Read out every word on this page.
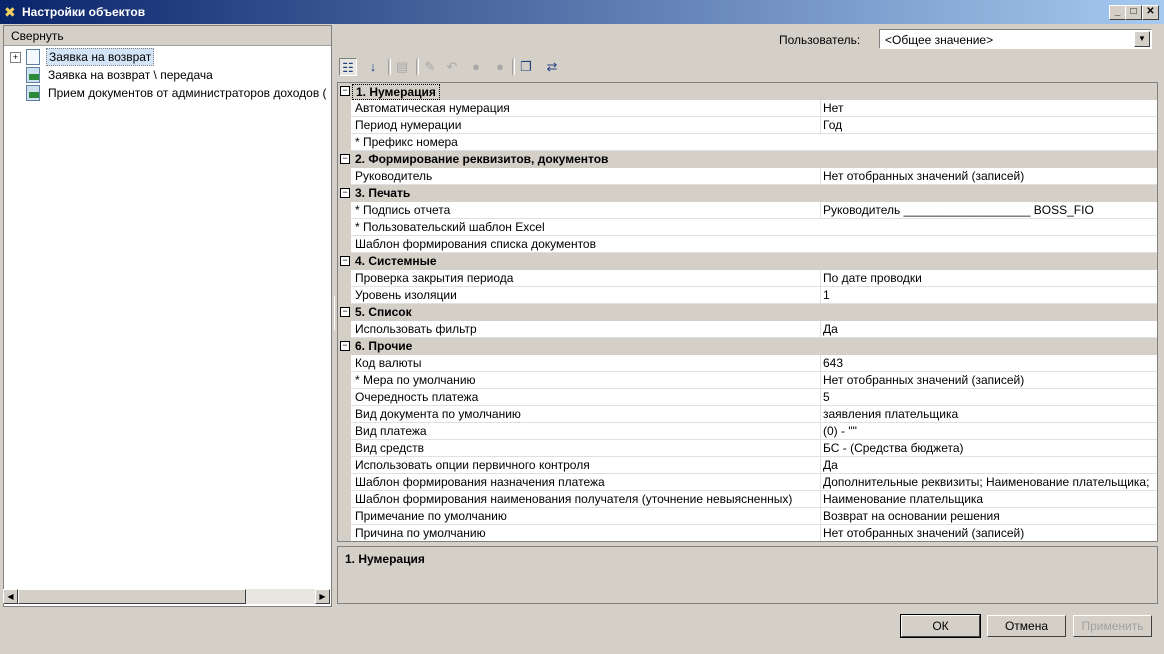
✖ Настройки объектов	_	□ ✕
Свернуть
+	Заявка на возврат
Заявка на возврат \ передача
Прием документов от администраторов доходов (
◀	▶
Пользователь: <Общее значение>	▼
☷	↓	▤ ✎ ↶	●	●	❐ ⇄
− 1. Нумерация
Автоматическая нумерация	Нет
Период нумерации	Год
* Префикс номера
− 2. Формирование реквизитов, документов
Руководитель	Нет отобранных значений (записей)
− 3. Печать
* Подпись отчета	Руководитель ___________________ BOSS_FIO
* Пользовательский шаблон Excel
Шаблон формирования списка документов
− 4. Системные
Проверка закрытия периода	По дате проводки
Уровень изоляции	1
− 5. Список
Использовать фильтр	Да
− 6. Прочие
Код валюты	643
* Мера по умолчанию	Нет отобранных значений (записей)
Очередность платежа	5
Вид документа по умолчанию	заявления плательщика
Вид платежа	(0) - ""
Вид средств	БС - (Средства бюджета)
Использовать опции первичного контроля	Да
Шаблон формирования назначения платежа	Дополнительные реквизиты; Наименование плательщика;
Шаблон формирования наименования получателя (уточнение невыясненных)	Наименование плательщика
Примечание по умолчанию	Возврат на основании решения
Причина по умолчанию	Нет отобранных значений (записей)
1. Нумерация
ОК	Отмена	Применить
